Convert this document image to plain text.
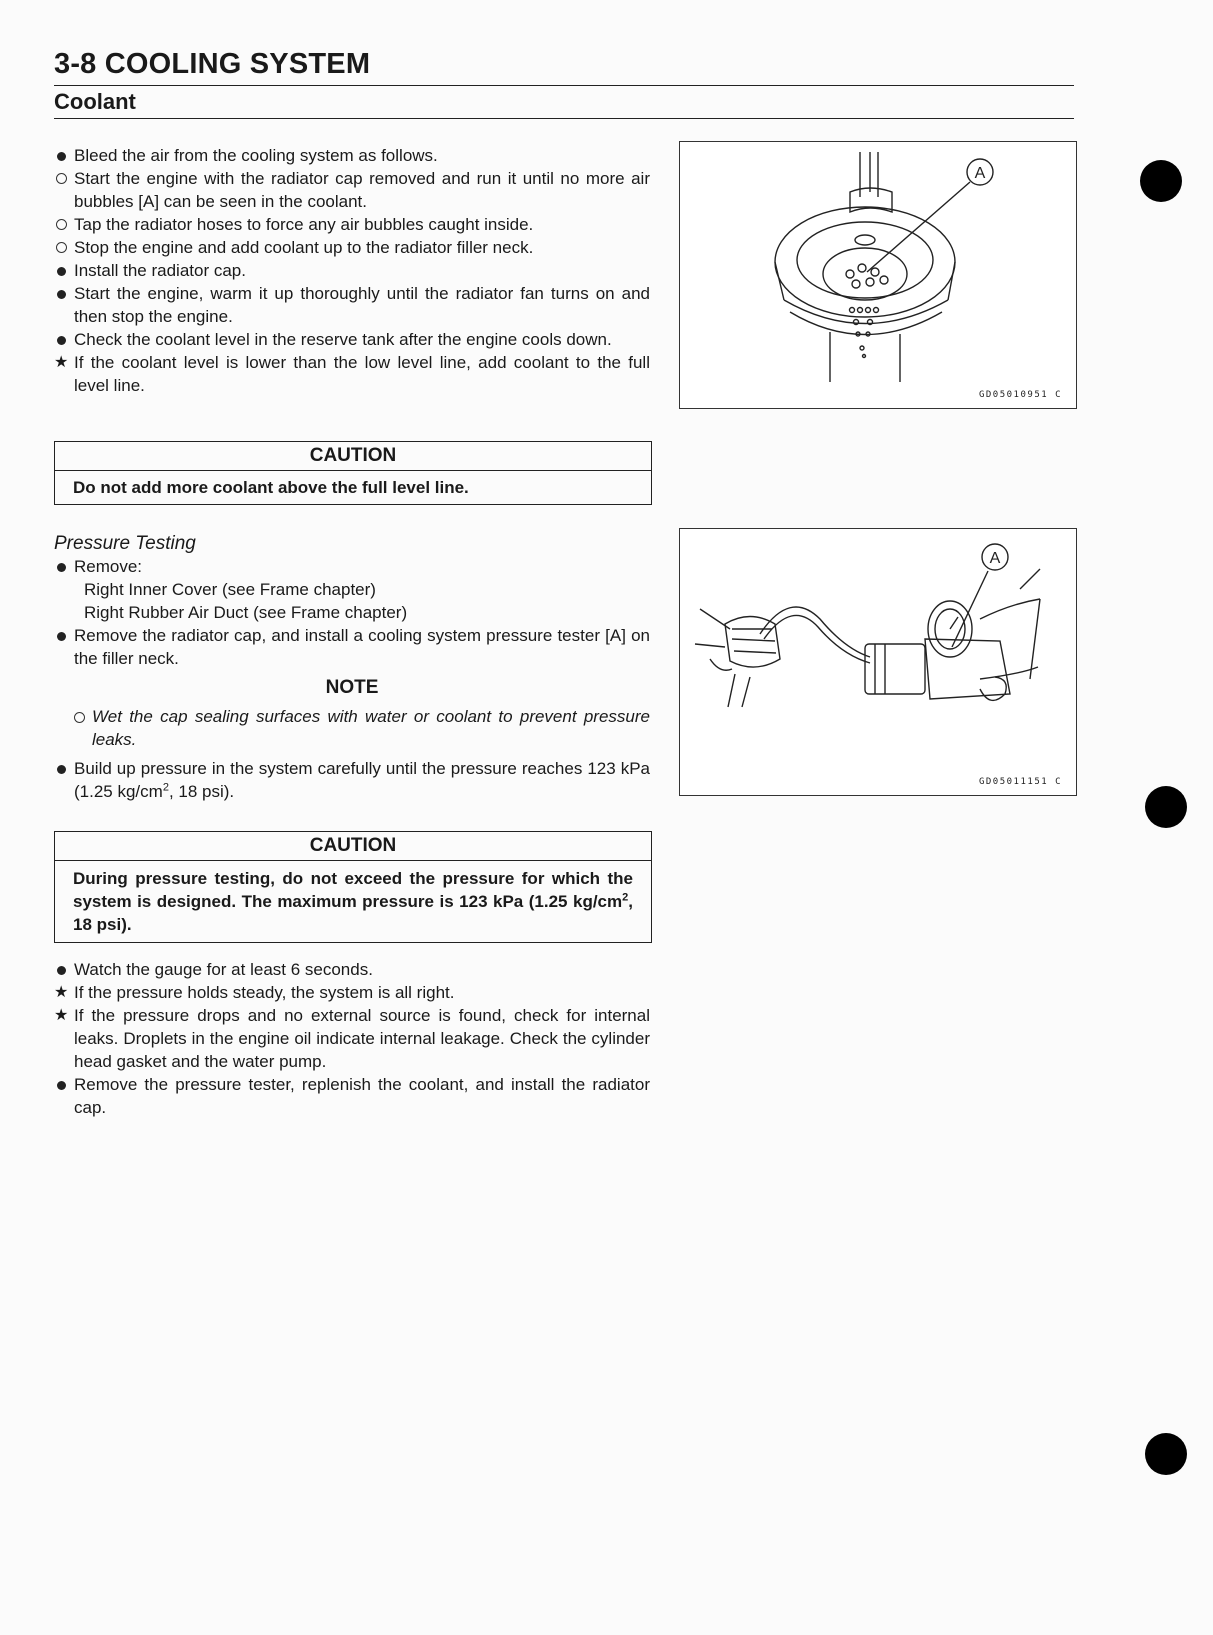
3-8 COOLING SYSTEM
Coolant
Bleed the air from the cooling system as follows.
Start the engine with the radiator cap removed and run it until no more air bubbles [A] can be seen in the coolant.
Tap the radiator hoses to force any air bubbles caught inside.
Stop the engine and add coolant up to the radiator filler neck.
Install the radiator cap.
Start the engine, warm it up thoroughly until the radiator fan turns on and then stop the engine.
Check the coolant level in the reserve tank after the engine cools down.
If the coolant level is lower than the low level line, add coolant to the full level line.
CAUTION
Do not add more coolant above the full level line.
Pressure Testing
Remove:
Right Inner Cover (see Frame chapter)
Right Rubber Air Duct (see Frame chapter)
Remove the radiator cap, and install a cooling system pressure tester [A] on the filler neck.
NOTE
Wet the cap sealing surfaces with water or coolant to prevent pressure leaks.
Build up pressure in the system carefully until the pressure reaches 123 kPa (1.25 $kg/cm^2$, 18 psi).
CAUTION
During pressure testing, do not exceed the pressure for which the system is designed. The maximum pressure is 123 kPa (1.25 $kg/cm^2$, 18 psi).
Watch the gauge for at least 6 seconds.
If the pressure holds steady, the system is all right.
If the pressure drops and no external source is found, check for internal leaks. Droplets in the engine oil indicate internal leakage. Check the cylinder head gasket and the water pump.
Remove the pressure tester, replenish the coolant, and install the radiator cap.
A
GD05010951 C
A
GD05011151 C
